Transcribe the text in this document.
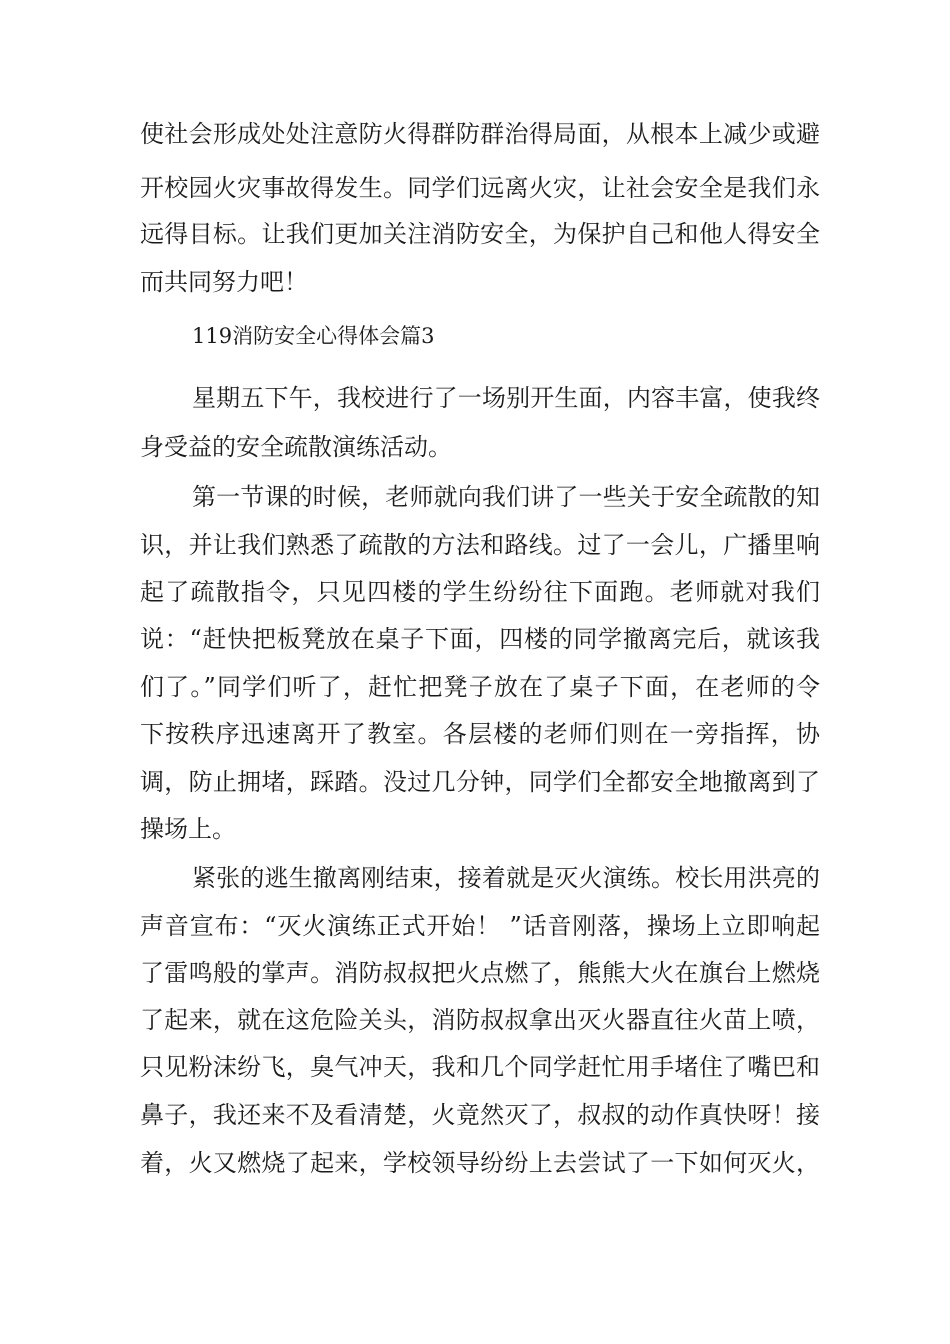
使社会形成处处注意防火得群防群治得局面，从根本上减少或避
开校园火灾事故得发生。同学们远离火灾，让社会安全是我们永
远得目标。让我们更加关注消防安全，为保护自己和他人得安全
而共同努力吧！
119消防安全心得体会篇3
星期五下午，我校进行了一场别开生面，内容丰富，使我终
身受益的安全疏散演练活动。
第一节课的时候，老师就向我们讲了一些关于安全疏散的知
识，并让我们熟悉了疏散的方法和路线。过了一会儿，广播里响
起了疏散指令，只见四楼的学生纷纷往下面跑。老师就对我们
说：“赶快把板凳放在桌子下面，四楼的同学撤离完后，就该我
们了。”同学们听了，赶忙把凳子放在了桌子下面，在老师的令
下按秩序迅速离开了教室。各层楼的老师们则在一旁指挥，协
调，防止拥堵，踩踏。没过几分钟，同学们全都安全地撤离到了
操场上。
紧张的逃生撤离刚结束，接着就是灭火演练。校长用洪亮的
声音宣布：“灭火演练正式开始！ ”话音刚落，操场上立即响起
了雷鸣般的掌声。消防叔叔把火点燃了，熊熊大火在旗台上燃烧
了起来，就在这危险关头，消防叔叔拿出灭火器直往火苗上喷，
只见粉沫纷飞，臭气冲天，我和几个同学赶忙用手堵住了嘴巴和
鼻子，我还来不及看清楚，火竟然灭了，叔叔的动作真快呀！接
着，火又燃烧了起来，学校领导纷纷上去尝试了一下如何灭火，
